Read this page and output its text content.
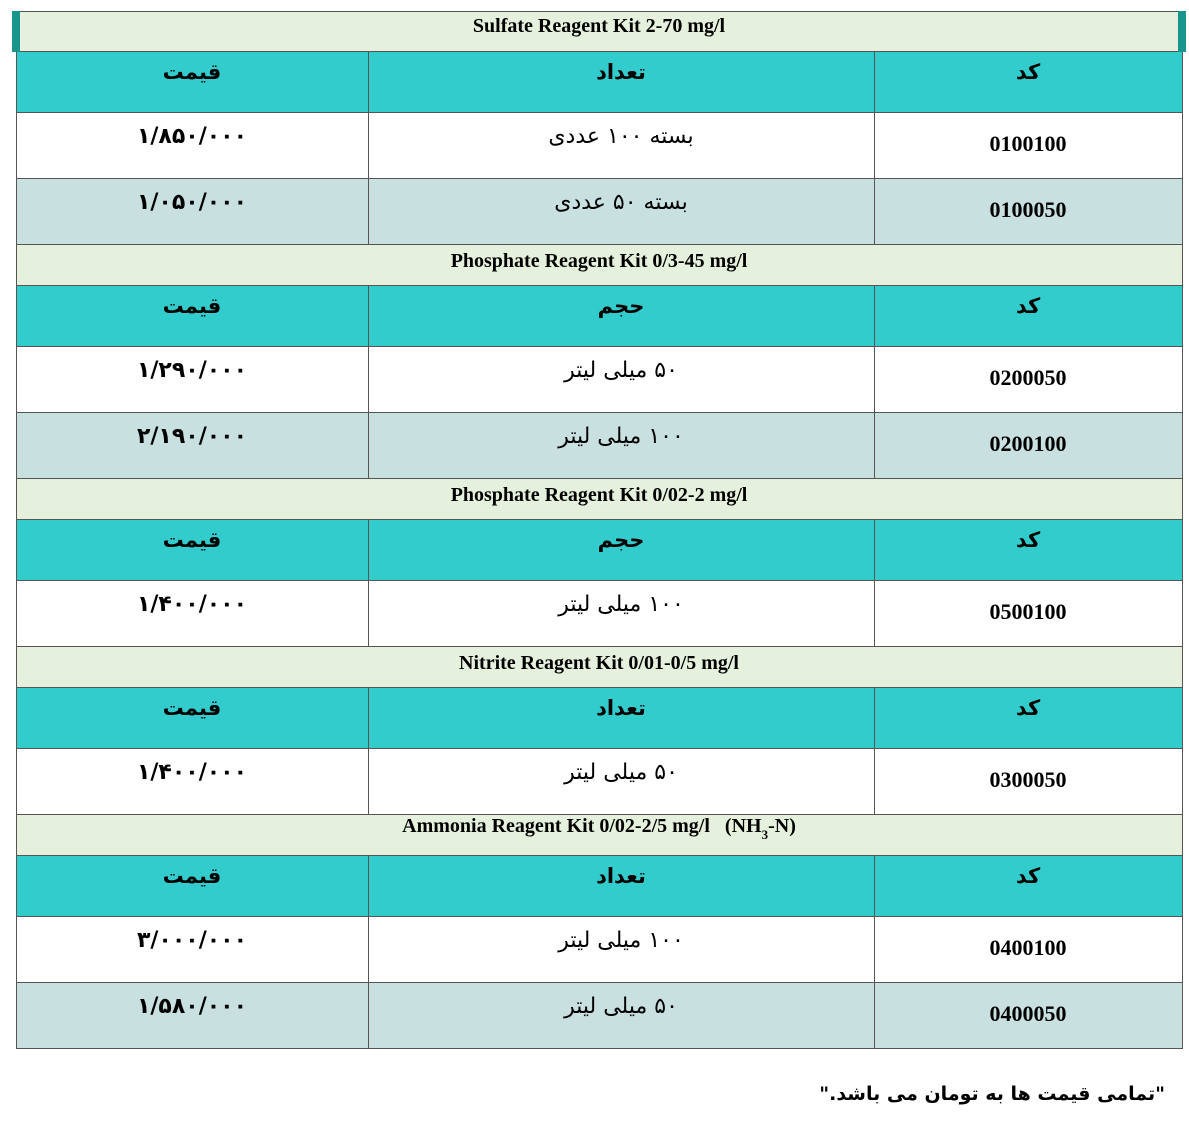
Sulfate Reagent Kit 2-70 mg/l		
قیمت	تعداد	کد
۱/۸۵۰/۰۰۰	بسته ۱۰۰ عددی	0100100
۱/۰۵۰/۰۰۰	بسته ۵۰ عددی	0100050
Phosphate Reagent Kit 0/3-45 mg/l		
قیمت	حجم	کد
۱/۲۹۰/۰۰۰	۵۰ میلی لیتر	0200050
۲/۱۹۰/۰۰۰	۱۰۰ میلی لیتر	0200100
Phosphate Reagent Kit 0/02-2 mg/l		
قیمت	حجم	کد
۱/۴۰۰/۰۰۰	۱۰۰ میلی لیتر	0500100
Nitrite Reagent Kit 0/01-0/5 mg/l		
قیمت	تعداد	کد
۱/۴۰۰/۰۰۰	۵۰ میلی لیتر	0300050
Ammonia Reagent Kit 0/02-2/5 mg/l $(NH_3-N)$		
قیمت	تعداد	کد
۳/۰۰۰/۰۰۰	۱۰۰ میلی لیتر	0400100
۱/۵۸۰/۰۰۰	۵۰ میلی لیتر	0400050
"تمامی قیمت ها به تومان می باشد."
